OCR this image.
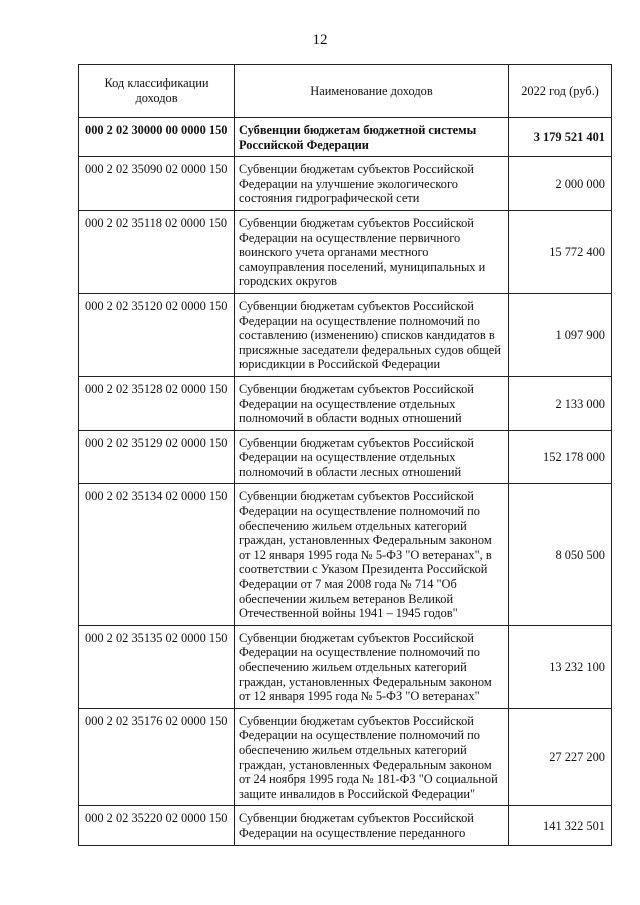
12
Код классификации доходов	Наименование доходов	2022 год (руб.)
000 2 02 30000 00 0000 150	Субвенции бюджетам бюджетной системы Российской Федерации	3 179 521 401
000 2 02 35090 02 0000 150	Субвенции бюджетам субъектов Российской Федерации на улучшение экологического состояния гидрографической сети	2 000 000
000 2 02 35118 02 0000 150	Субвенции бюджетам субъектов Российской Федерации на осуществление первичного воинского учета органами местного самоуправления поселений, муниципальных и городских округов	15 772 400
000 2 02 35120 02 0000 150	Субвенции бюджетам субъектов Российской Федерации на осуществление полномочий по составлению (изменению) списков кандидатов в присяжные заседатели федеральных судов общей юрисдикции в Российской Федерации	1 097 900
000 2 02 35128 02 0000 150	Субвенции бюджетам субъектов Российской Федерации на осуществление отдельных полномочий в области водных отношений	2 133 000
000 2 02 35129 02 0000 150	Субвенции бюджетам субъектов Российской Федерации на осуществление отдельных полномочий в области лесных отношений	152 178 000
000 2 02 35134 02 0000 150	Субвенции бюджетам субъектов Российской Федерации на осуществление полномочий по обеспечению жильем отдельных категорий граждан, установленных Федеральным законом от 12 января 1995 года № 5-ФЗ "О ветеранах", в соответствии с Указом Президента Российской Федерации от 7 мая 2008 года № 714 "Об обеспечении жильем ветеранов Великой Отечественной войны 1941 – 1945 годов"	8 050 500
000 2 02 35135 02 0000 150	Субвенции бюджетам субъектов Российской Федерации на осуществление полномочий по обеспечению жильем отдельных категорий граждан, установленных Федеральным законом от 12 января 1995 года № 5-ФЗ "О ветеранах"	13 232 100
000 2 02 35176 02 0000 150	Субвенции бюджетам субъектов Российской Федерации на осуществление полномочий по обеспечению жильем отдельных категорий граждан, установленных Федеральным законом от 24 ноября 1995 года № 181-ФЗ "О социальной защите инвалидов в Российской Федерации"	27 227 200
000 2 02 35220 02 0000 150	Субвенции бюджетам субъектов Российской Федерации на осуществление переданного	141 322 501
